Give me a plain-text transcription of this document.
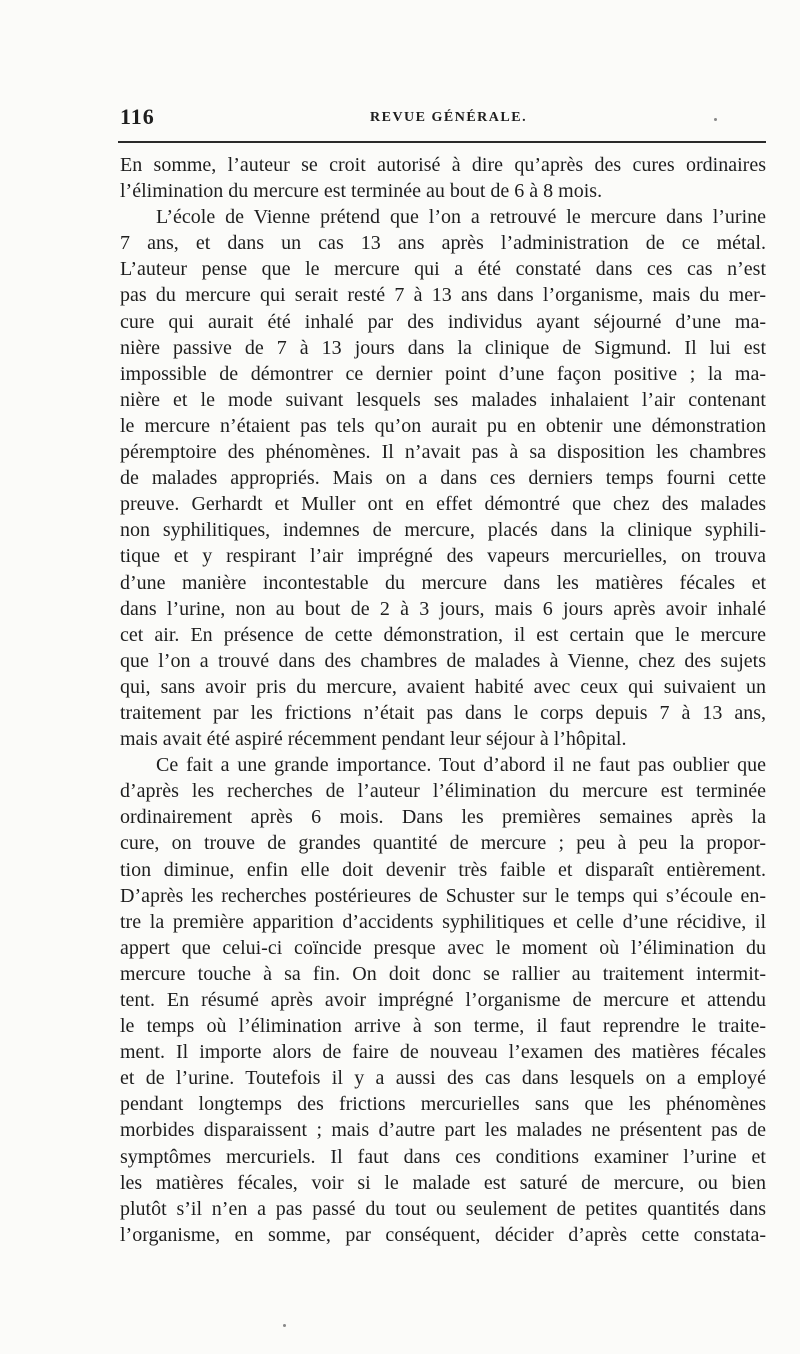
116	REVUE GÉNÉRALE.
En somme, l’auteur se croit autorisé à dire qu’après des cures ordinaires
l’élimination du mercure est terminée au bout de 6 à 8 mois.
L’école de Vienne prétend que l’on a retrouvé le mercure dans l’urine
7 ans, et dans un cas 13 ans après l’administration de ce métal.
L’auteur pense que le mercure qui a été constaté dans ces cas n’est
pas du mercure qui serait resté 7 à 13 ans dans l’organisme, mais du mer-
cure qui aurait été inhalé par des individus ayant séjourné d’une ma-
nière passive de 7 à 13 jours dans la clinique de Sigmund. Il lui est
impossible de démontrer ce dernier point d’une façon positive ; la ma-
nière et le mode suivant lesquels ses malades inhalaient l’air contenant
le mercure n’étaient pas tels qu’on aurait pu en obtenir une démonstration
péremptoire des phénomènes. Il n’avait pas à sa disposition les chambres
de malades appropriés. Mais on a dans ces derniers temps fourni cette
preuve. Gerhardt et Muller ont en effet démontré que chez des malades
non syphilitiques, indemnes de mercure, placés dans la clinique syphili-
tique et y respirant l’air imprégné des vapeurs mercurielles, on trouva
d’une manière incontestable du mercure dans les matières fécales et
dans l’urine, non au bout de 2 à 3 jours, mais 6 jours après avoir inhalé
cet air. En présence de cette démonstration, il est certain que le mercure
que l’on a trouvé dans des chambres de malades à Vienne, chez des sujets
qui, sans avoir pris du mercure, avaient habité avec ceux qui suivaient un
traitement par les frictions n’était pas dans le corps depuis 7 à 13 ans,
mais avait été aspiré récemment pendant leur séjour à l’hôpital.
Ce fait a une grande importance. Tout d’abord il ne faut pas oublier que
d’après les recherches de l’auteur l’élimination du mercure est terminée
ordinairement après 6 mois. Dans les premières semaines après la
cure, on trouve de grandes quantité de mercure ; peu à peu la propor-
tion diminue, enfin elle doit devenir très faible et disparaît entièrement.
D’après les recherches postérieures de Schuster sur le temps qui s’écoule en-
tre la première apparition d’accidents syphilitiques et celle d’une récidive, il
appert que celui-ci coïncide presque avec le moment où l’élimination du
mercure touche à sa fin. On doit donc se rallier au traitement intermit-
tent. En résumé après avoir imprégné l’organisme de mercure et attendu
le temps où l’élimination arrive à son terme, il faut reprendre le traite-
ment. Il importe alors de faire de nouveau l’examen des matières fécales
et de l’urine. Toutefois il y a aussi des cas dans lesquels on a employé
pendant longtemps des frictions mercurielles sans que les phénomènes
morbides disparaissent ; mais d’autre part les malades ne présentent pas de
symptômes mercuriels. Il faut dans ces conditions examiner l’urine et
les matières fécales, voir si le malade est saturé de mercure, ou bien
plutôt s’il n’en a pas passé du tout ou seulement de petites quantités dans
l’organisme, en somme, par conséquent, décider d’après cette constata-
